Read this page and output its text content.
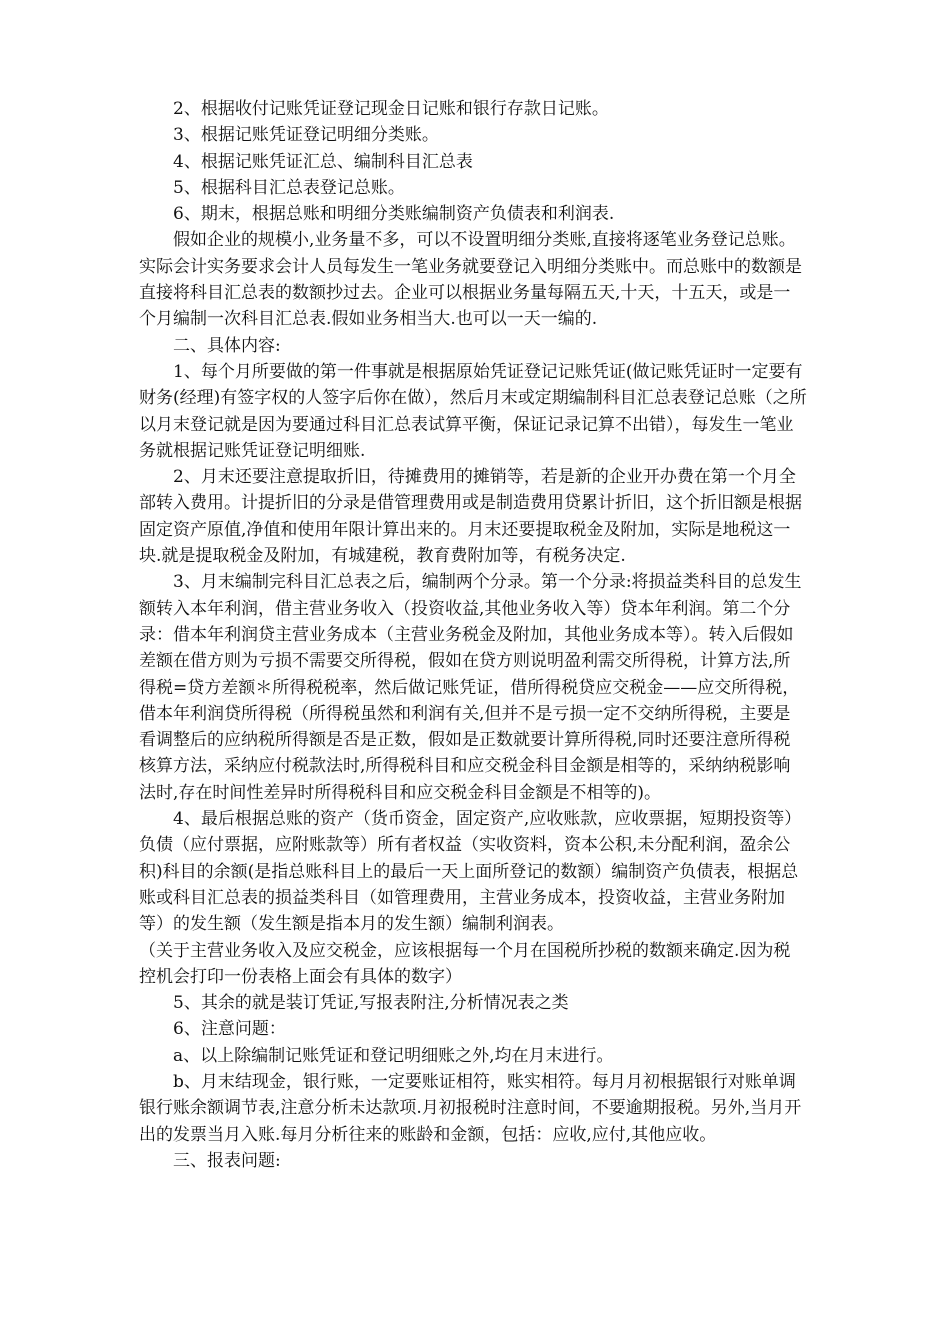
2、根据收付记账凭证登记现金日记账和银行存款日记账。

3、根据记账凭证登记明细分类账。

4、根据记账凭证汇总、编制科目汇总表

5、根据科目汇总表登记总账。

6、期末，根据总账和明细分类账编制资产负债表和利润表.

假如企业的规模小,业务量不多，可以不设置明细分类账,直接将逐笔业务登记总账。实际会计实务要求会计人员每发生一笔业务就要登记入明细分类账中。而总账中的数额是直接将科目汇总表的数额抄过去。企业可以根据业务量每隔五天,十天，十五天，或是一个月编制一次科目汇总表.假如业务相当大.也可以一天一编的.

二、具体内容:

1、每个月所要做的第一件事就是根据原始凭证登记记账凭证(做记账凭证时一定要有财务(经理)有签字权的人签字后你在做），然后月末或定期编制科目汇总表登记总账（之所以月末登记就是因为要通过科目汇总表试算平衡，保证记录记算不出错），每发生一笔业务就根据记账凭证登记明细账.

2、月末还要注意提取折旧，待摊费用的摊销等，若是新的企业开办费在第一个月全部转入费用。计提折旧的分录是借管理费用或是制造费用贷累计折旧，这个折旧额是根据固定资产原值,净值和使用年限计算出来的。月末还要提取税金及附加，实际是地税这一块.就是提取税金及附加，有城建税，教育费附加等，有税务决定.

3、月末编制完科目汇总表之后，编制两个分录。第一个分录:将损益类科目的总发生额转入本年利润，借主营业务收入（投资收益,其他业务收入等）贷本年利润。第二个分录：借本年利润贷主营业务成本（主营业务税金及附加，其他业务成本等）。转入后假如差额在借方则为亏损不需要交所得税，假如在贷方则说明盈利需交所得税，计算方法,所得税=贷方差额＊所得税税率，然后做记账凭证，借所得税贷应交税金——应交所得税，借本年利润贷所得税（所得税虽然和利润有关,但并不是亏损一定不交纳所得税，主要是看调整后的应纳税所得额是否是正数，假如是正数就要计算所得税,同时还要注意所得税核算方法，采纳应付税款法时,所得税科目和应交税金科目金额是相等的，采纳纳税影响法时,存在时间性差异时所得税科目和应交税金科目金额是不相等的)。

4、最后根据总账的资产（货币资金，固定资产,应收账款，应收票据，短期投资等）负债（应付票据，应附账款等）所有者权益（实收资料，资本公积,未分配利润，盈余公积)科目的余额(是指总账科目上的最后一天上面所登记的数额）编制资产负债表，根据总账或科目汇总表的损益类科目（如管理费用，主营业务成本，投资收益，主营业务附加等）的发生额（发生额是指本月的发生额）编制利润表。

（关于主营业务收入及应交税金，应该根据每一个月在国税所抄税的数额来确定.因为税控机会打印一份表格上面会有具体的数字）

5、其余的就是装订凭证,写报表附注,分析情况表之类

6、注意问题：

a、以上除编制记账凭证和登记明细账之外,均在月末进行。

b、月末结现金，银行账，一定要账证相符，账实相符。每月月初根据银行对账单调银行账余额调节表,注意分析未达款项.月初报税时注意时间，不要逾期报税。另外,当月开出的发票当月入账.每月分析往来的账龄和金额，包括：应收,应付,其他应收。

三、报表问题:
